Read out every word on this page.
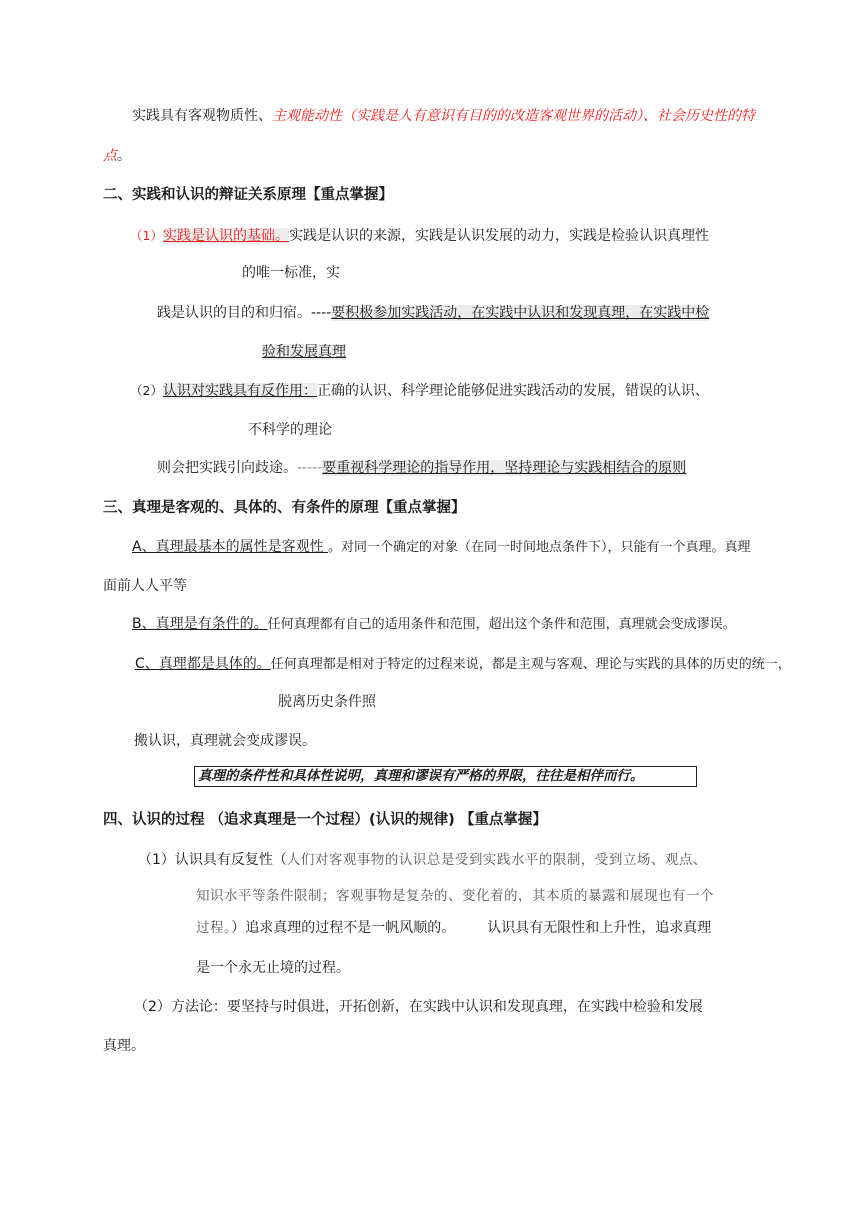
实践具有客观物质性、主观能动性（实践是人有意识有目的的改造客观世界的活动）、社会历史性的特
点。
二、实践和认识的辩证关系原理【重点掌握】
（1）实践是认识的基础。实践是认识的来源，实践是认识发展的动力，实践是检验认识真理性
的唯一标准，实
践是认识的目的和归宿。----要积极参加实践活动，在实践中认识和发现真理，在实践中检
验和发展真理
（2）认识对实践具有反作用：正确的认识、科学理论能够促进实践活动的发展，错误的认识、
不科学的理论
则会把实践引向歧途。-----要重视科学理论的指导作用，坚持理论与实践相结合的原则
三、真理是客观的、具体的、有条件的原理【重点掌握】
A、真理最基本的属性是客观性 。对同一个确定的对象（在同一时间地点条件下），只能有一个真理。真理
面前人人平等
B、真理是有条件的。任何真理都有自己的适用条件和范围，超出这个条件和范围，真理就会变成谬误。
C、真理都是具体的。任何真理都是相对于特定的过程来说，都是主观与客观、理论与实践的具体的历史的统一，
脱离历史条件照
搬认识，真理就会变成谬误。
真理的条件性和具体性说明，真理和谬误有严格的界限，往往是相伴而行。
四、认识的过程 （追求真理是一个过程）(认识的规律) 【重点掌握】
（1）认识具有反复性（人们对客观事物的认识总是受到实践水平的限制，受到立场、观点、
知识水平等条件限制；客观事物是复杂的、变化着的，其本质的暴露和展现也有一个
过程。）追求真理的过程不是一帆风顺的。 认识具有无限性和上升性，追求真理
是一个永无止境的过程。
（2）方法论：要坚持与时俱进，开拓创新，在实践中认识和发现真理，在实践中检验和发展
真理。
